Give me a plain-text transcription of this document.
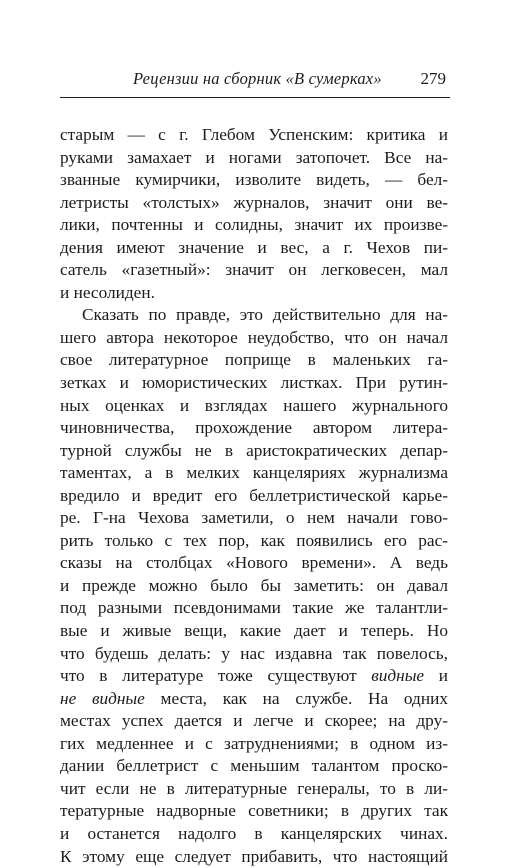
Рецензии на сборник «В сумерках» 279
старым — с г. Глебом Успенским: критика и
руками замахает и ногами затопочет. Все на-
званные кумирчики, изволите видеть, — бел-
летристы «толстых» журналов, значит они ве-
лики, почтенны и солидны, значит их произве-
дения имеют значение и вес, а г. Чехов пи-
сатель «газетный»: значит он легковесен, мал
и несолиден.
Сказать по правде, это действительно для на-
шего автора некоторое неудобство, что он начал
свое литературное поприще в маленьких га-
зетках и юмористических листках. При рутин-
ных оценках и взглядах нашего журнального
чиновничества, прохождение автором литера-
турной службы не в аристократических депар-
таментах, а в мелких канцеляриях журнализма
вредило и вредит его беллетристической карье-
ре. Г-на Чехова заметили, о нем начали гово-
рить только с тех пор, как появились его рас-
сказы на столбцах «Нового времени». А ведь
и прежде можно было бы заметить: он давал
под разными псевдонимами такие же талантли-
вые и живые вещи, какие дает и теперь. Но
что будешь делать: у нас издавна так повелось,
что в литературе тоже существуют видные и
не видные места, как на службе. На одних
местах успех дается и легче и скорее; на дру-
гих медленнее и с затруднениями; в одном из-
дании беллетрист с меньшим талантом проско-
чит если не в литературные генералы, то в ли-
тературные надворные советники; в других так
и останется надолго в канцелярских чинах.
К этому еще следует прибавить, что настоящий
